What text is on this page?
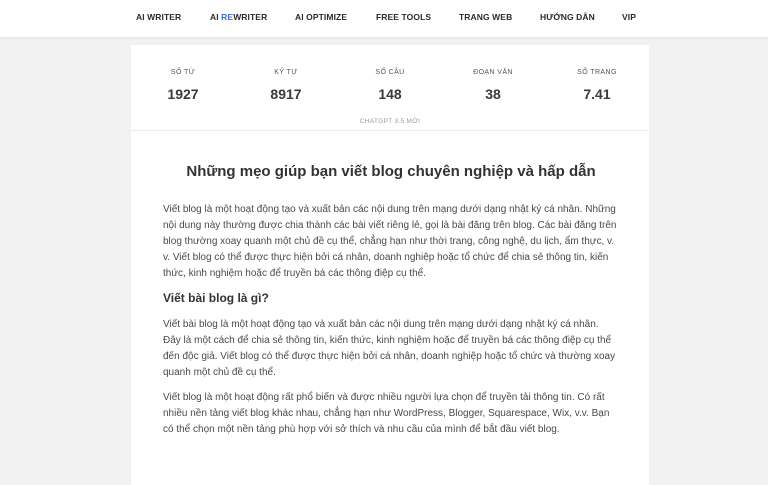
AI WRITER	AI REWRITER	AI OPTIMIZE	FREE TOOLS	TRANG WEB	HƯỚNG DẪN	VIP
SỐ TỪ
1927
KÝ TỰ
8917
SỐ CÂU
148
ĐOẠN VĂN
38
SỐ TRANG
7.41
CHATGPT 3.5 MỚI
Những mẹo giúp bạn viết blog chuyên nghiệp và hấp dẫn

Viết blog là một hoạt động tạo và xuất bản các nội dung trên mạng dưới dạng nhật ký cá nhân. Những nội dung này thường được chia thành các bài viết riêng lẻ, gọi là bài đăng trên blog. Các bài đăng trên blog thường xoay quanh một chủ đề cụ thể, chẳng hạn như thời trang, công nghệ, du lịch, ẩm thực, v. v. Viết blog có thể được thực hiện bởi cá nhân, doanh nghiệp hoặc tổ chức để chia sẻ thông tin, kiến thức, kinh nghiệm hoặc để truyền bá các thông điệp cụ thể.

Viết bài blog là gì?

Viết bài blog là một hoạt động tạo và xuất bản các nội dung trên mạng dưới dạng nhật ký cá nhân. Đây là một cách để chia sẻ thông tin, kiến thức, kinh nghiệm hoặc để truyền bá các thông điệp cụ thể đến độc giả. Viết blog có thể được thực hiện bởi cá nhân, doanh nghiệp hoặc tổ chức và thường xoay quanh một chủ đề cụ thể.

Viết blog là một hoạt động rất phổ biến và được nhiều người lựa chọn để truyền tải thông tin. Có rất nhiều nền tảng viết blog khác nhau, chẳng hạn như WordPress, Blogger, Squarespace, Wix, v.v. Bạn có thể chọn một nền tảng phù hợp với sở thích và nhu cầu của mình để bắt đầu viết blog.
